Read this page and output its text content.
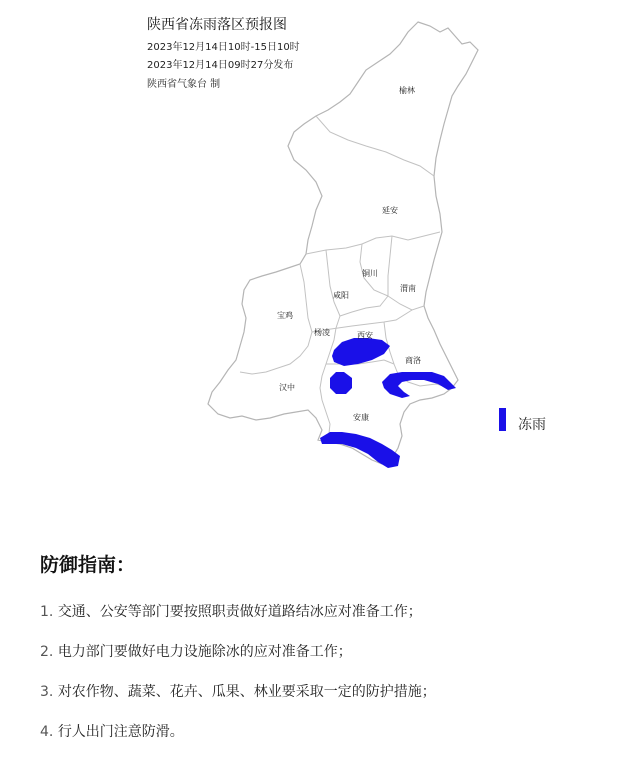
陕西省冻雨落区预报图
2023年12月14日10时-15日10时
2023年12月14日09时27分发布
陕西省气象台 制
榆林
延安
铜川
渭南
咸阳
宝鸡
杨凌	西安
商洛
汉中
安康	冻雨
防御指南：
1. 交通、公安等部门要按照职责做好道路结冰应对准备工作；
2. 电力部门要做好电力设施除冰的应对准备工作；
3. 对农作物、蔬菜、花卉、瓜果、林业要采取一定的防护措施；
4. 行人出门注意防滑。
